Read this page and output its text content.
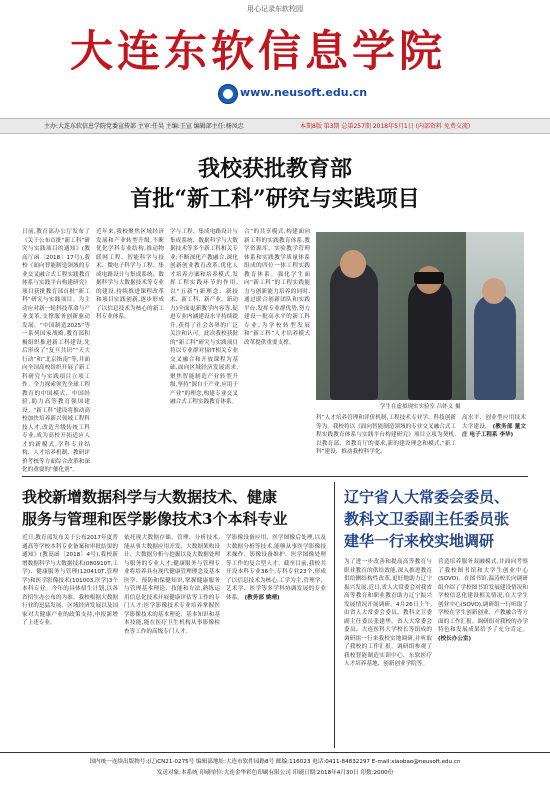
用心记录东软校园
大连东软信息学院
www.neusoft.edu.cn
主办:大连东软信息学院党委宣传部 主审:任昊 主编:王宣 编辑部主任:杨凤忠	本期8版 第3期 总第257期 2018年5月1日 (内部资料 免费交流)
我校获批教育部
首批“新工科”研究与实践项目
日前,教育部办公厅发布了《关于公布首批“新工科”研究与实践项目的通知》(教高厅函〔2018〕17号),我校《面向智能制造领域的专业交叉融合式工程实践教育体系与实践平台构建研究》项目获批教育部首批“新工科”研究与实践项目。为主动应对新一轮科技革命与产业变革,支撑服务创新驱动发展、“中国制造2025”等一系列国家战略,教育部积极组织推进新工科建设,先后形成了“复旦共识”“天大行动”和“北京指南”等,并面向全国高校组织开展了新工科研究与实践项目立项工作。全力探索领先全球工程教育的中国模式、中国经验,助力高等教育强国建设。“新工科”建设将推动高校加快培养新兴领域工程科技人才,改造升级传统工科专业,成为高校开拓适应人才的新模式,学科专业结构、人才培养机制、教研评价考核等方面综合改革和深化的重要的“催化剂”。
近年来,我校聚焦区域经济发展和产业转型升级,不断优化学科专业结构,推动物联网工程、智能科学与技术、微电子科学与工程、集成电路设计与集成系统、数据科学与大数据技术等专业的建设,持续推进课程改革和项目实践创新,逐步形成了以信息技术为核心的新工科专业体系。
学与工程、集成电路设计与集成系统、数据科学与大数据技术等多个新工科相关专业;不断深化产教融合,深化创新创业教育改革,优化人才培养方案和培养模式,发挥工程实践环节的作用,以“五新”(新理念、新技术、新工科、新产业、新动力)全面更新教学内容等,促进专业内涵建设水平持续提升,获得了社会各界的广泛关注和认可。此次我校获批的“新工科”研究与实践项目将以专业群对接IT相关专业交叉融合和开放课程为基础,面向区域经济发展需求,聚焦智能制造产业转型升级,坚持“源自于产业,应用于产业”的理念,构建专业交叉融合式工程实践教育体系。
合”的共享模式,构建面向新工科的实践教育体系,教学资源库、实验教学管理体系和实践教学质量体系组成的四位一体工程实践教育体系。强化学生面向“新工科”的工程实践能力与创新能力培养的同时,通过联合创新团队和实践平台,发挥专业群优势,努力建设一批高水平的新工科专业,为学校转型发展和“新工科”人才培养模式改革提供重要支撑。
学生在虚拟现实实验室 吕怀义 摄
科”人才培养管理和评价机制,工程技术专业学、科技创新等为。我校将以《面向智能制造领域的专业交叉融合式工程实践教育体系与实践平台构建研究》项目立项为契机,以教育部、省教育厅的要求,新的建设理念和模式,“新工科”建设、推动我校科学化、
高水平、创业型应用技术大学建设。 (教务部 董文庄 电子工程系 李华)
我校新增数据科学与大数据技术、健康
服务与管理和医学影像技术3个本科专业
近日,教育部发布关于公布2017年度普通高等学校本科专业备案和审批结果的通知》(教高函〔2018〕4号),我校新增数据科学与大数据技术(080910T,工学)、健康服务与管理(120410T,管理学)和医学影像技术(101003,医学)3个本科专业。今年的具体招生计划,以各省招生办公布的为准。我校根据大数据行业的迅猛发展、区域经济发展以及国家对大健康产业的政策支持,申报新增了上述专业。
依托现大数据存储、管理、分析技术,能从事大数据应用开发、大数据架构设计、大数据分析与挖掘以及大数据处理与服务的专业人才;健康服务与管理专业将培养具有现代健康管理理念及基本医学、预防和保健知识,掌握健康服务与管理基本理论、技能和方法,熟练运用信息化技术开展健康评估等工作的专门人才;医学影像技术专业培养掌握医学影像技术的基本理论、基本知识和基本技能,能在医疗卫生机构从事影像检查等工作的高级专门人才。
学影像设备应用、医学图像后处理,以及大数据分析等技术,能够从事医学影像技术操作、影像设备维护、医学图像处理等工作的复合型人才。截至目前,我校共开设本科专业36个,专科专业23个,形成了以信息技术为核心,工学为主,管理学、艺术学、医学等多学科协调发展的专业体系。 (教务部 姚晴)
辽宁省人大常委会委员、
教科文卫委副主任委员张
建华一行来校实地调研
为了进一步改善和提高高等教育与职业教育的供给效能,深入推进教育供给侧结构性改革,更好地助力辽宁振兴发展,近日,省人大常委会对我省高等教育和职业教育助力辽宁振兴发展情况开展调研。4月26日上午,由省人大常委会委员、教科文卫委副主任委员张建华、省人大常委会委员、大连医科大学校长等组成的调研组一行来我校实地调研,并听取了我校的工作汇报。调研组参观了我校智能制造实训中心、东软医疗人才培养基地、创新创业学院等。
营造培养服务双融模式,并面向考察了我校图书馆和大学生创业中心(SOVO)。在图书馆,温涛校长向调研组介绍了学校图书馆发展建设情况和学校信息化建设相关情况,在大学生创业中心(SOVO),调研组一行听取了学校在学生创新创业、产教融合等方面的工作汇报。调研组对我校的办学特色和发展成果给予了充分肯定。 (校长办公室)
国内统一连续出版物号:(辽)CN21-0275号 编辑部地址:大连市软件园路8号 邮编:116023 电话:0411-84832297 E-mail:xiaobao@neusoft.edu.cn
发送对象:本系统 印刷单位:大连金华彩色印刷有限公司 印刷日期:2018年4月30日 印数:2000份
